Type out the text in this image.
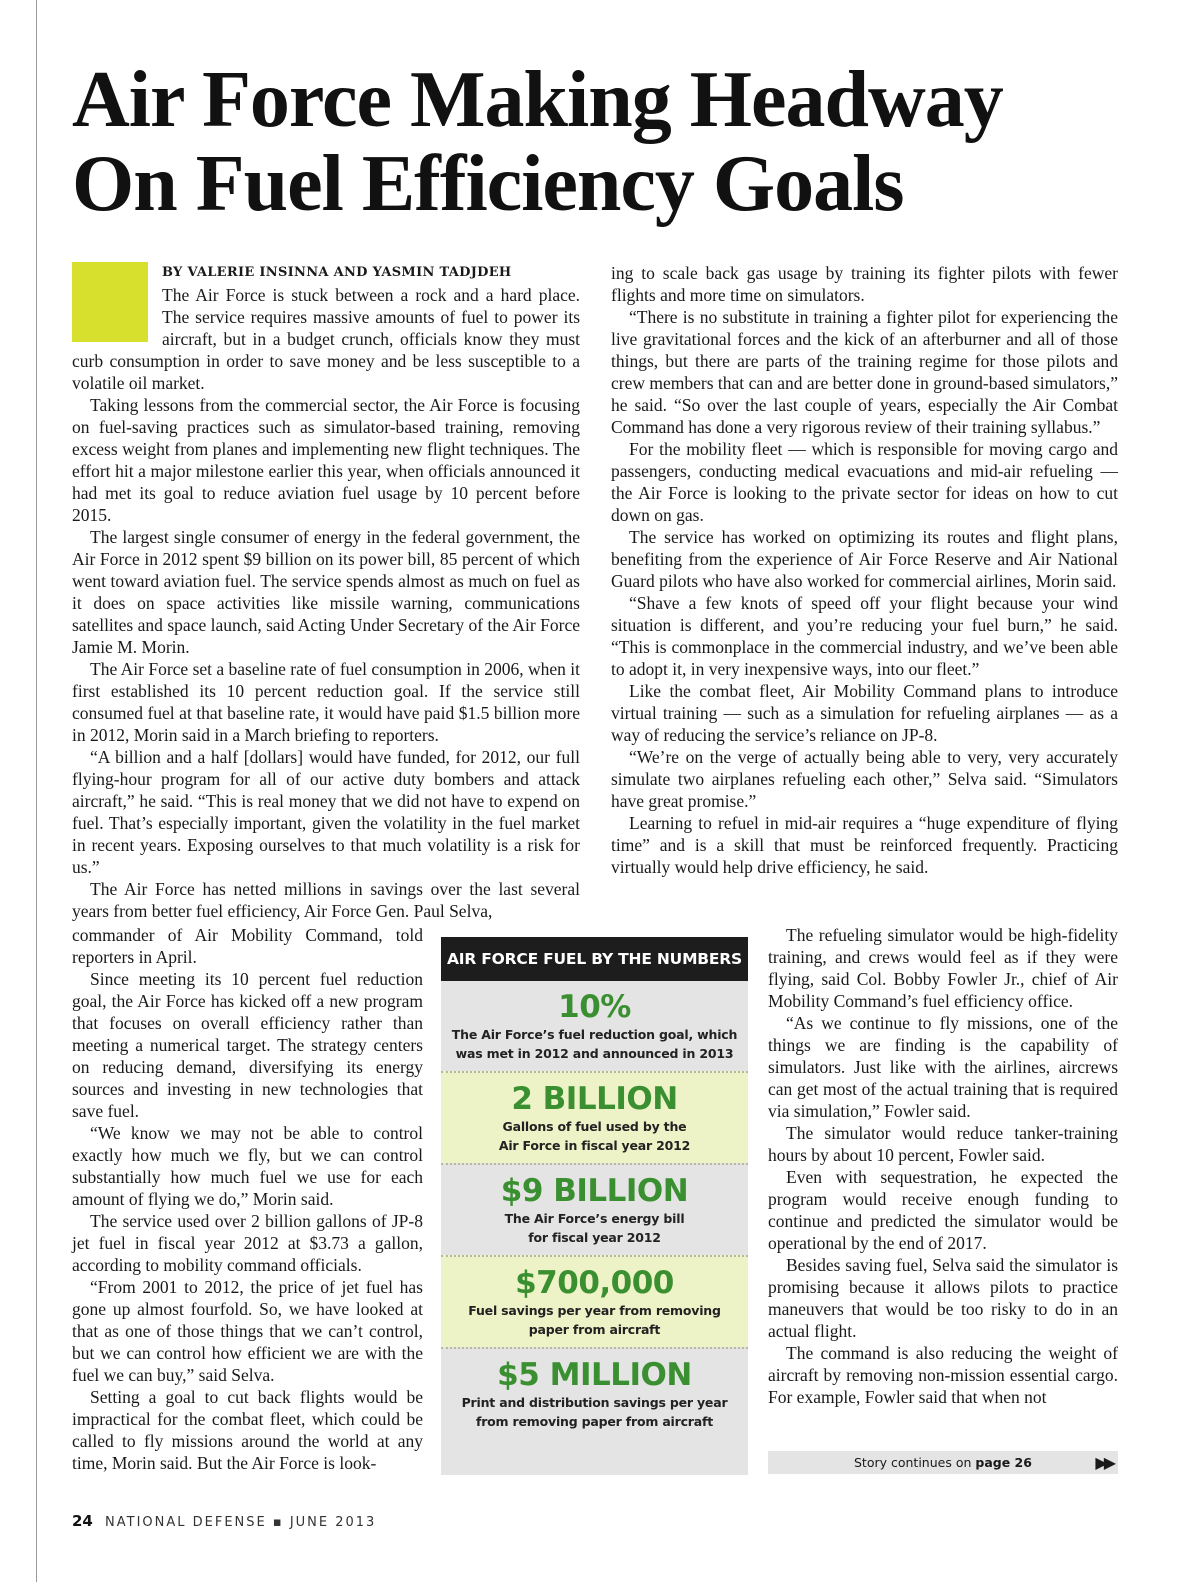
Air Force Making Headway
On Fuel Efficiency Goals
BY VALERIE INSINNA AND YASMIN TADJDEH

The Air Force is stuck between a rock and a hard place. The service requires massive amounts of fuel to power its aircraft, but in a budget crunch, officials know they must curb consumption in order to save money and be less susceptible to a volatile oil market.

Taking lessons from the commercial sector, the Air Force is focusing on fuel-saving practices such as simulator-based training, removing excess weight from planes and implementing new flight techniques. The effort hit a major milestone earlier this year, when officials announced it had met its goal to reduce aviation fuel usage by 10 percent before 2015.

The largest single consumer of energy in the federal government, the Air Force in 2012 spent $9 billion on its power bill, 85 percent of which went toward aviation fuel. The service spends almost as much on fuel as it does on space activities like missile warning, communications satellites and space launch, said Acting Under Secretary of the Air Force Jamie M. Morin.

The Air Force set a baseline rate of fuel consumption in 2006, when it first established its 10 percent reduction goal. If the service still consumed fuel at that baseline rate, it would have paid $1.5 billion more in 2012, Morin said in a March briefing to reporters.

“A billion and a half [dollars] would have funded, for 2012, our full flying-hour program for all of our active duty bombers and attack aircraft,” he said. “This is real money that we did not have to expend on fuel. That’s especially important, given the volatility in the fuel market in recent years. Exposing ourselves to that much volatility is a risk for us.”

The Air Force has netted millions in savings over the last several years from better fuel efficiency, Air Force Gen. Paul Selva,

commander of Air Mobility Command, told reporters in April.

Since meeting its 10 percent fuel reduction goal, the Air Force has kicked off a new program that focuses on overall efficiency rather than meeting a numerical target. The strategy centers on reducing demand, diversifying its energy sources and investing in new technologies that save fuel.

“We know we may not be able to control exactly how much we fly, but we can control substantially how much fuel we use for each amount of flying we do,” Morin said.

The service used over 2 billion gallons of JP-8 jet fuel in fiscal year 2012 at $3.73 a gallon, according to mobility command officials.

“From 2001 to 2012, the price of jet fuel has gone up almost fourfold. So, we have looked at that as one of those things that we can’t control, but we can control how efficient we are with the fuel we can buy,” said Selva.

Setting a goal to cut back flights would be impractical for the combat fleet, which could be called to fly missions around the world at any time, Morin said. But the Air Force is look-

ing to scale back gas usage by training its fighter pilots with fewer flights and more time on simulators.

“There is no substitute in training a fighter pilot for experiencing the live gravitational forces and the kick of an afterburner and all of those things, but there are parts of the training regime for those pilots and crew members that can and are better done in ground-based simulators,” he said. “So over the last couple of years, especially the Air Combat Command has done a very rigorous review of their training syllabus.”

For the mobility fleet — which is responsible for moving cargo and passengers, conducting medical evacuations and mid-air refueling — the Air Force is looking to the private sector for ideas on how to cut down on gas.

The service has worked on optimizing its routes and flight plans, benefiting from the experience of Air Force Reserve and Air National Guard pilots who have also worked for commercial airlines, Morin said.

“Shave a few knots of speed off your flight because your wind situation is different, and you’re reducing your fuel burn,” he said. “This is commonplace in the commercial industry, and we’ve been able to adopt it, in very inexpensive ways, into our fleet.”

Like the combat fleet, Air Mobility Command plans to introduce virtual training — such as a simulation for refueling airplanes — as a way of reducing the service’s reliance on JP-8.

“We’re on the verge of actually being able to very, very accurately simulate two airplanes refueling each other,” Selva said. “Simulators have great promise.”

Learning to refuel in mid-air requires a “huge expenditure of flying time” and is a skill that must be reinforced frequently. Practicing virtually would help drive efficiency, he said.

The refueling simulator would be high-fidelity training, and crews would feel as if they were flying, said Col. Bobby Fowler Jr., chief of Air Mobility Command’s fuel efficiency office.

“As we continue to fly missions, one of the things we are finding is the capability of simulators. Just like with the airlines, aircrews can get most of the actual training that is required via simulation,” Fowler said.

The simulator would reduce tanker-training hours by about 10 percent, Fowler said.

Even with sequestration, he expected the program would receive enough funding to continue and predicted the simulator would be operational by the end of 2017.

Besides saving fuel, Selva said the simulator is promising because it allows pilots to practice maneuvers that would be too risky to do in an actual flight.

The command is also reducing the weight of aircraft by removing non-mission essential cargo. For example, Fowler said that when not

AIR FORCE FUEL BY THE NUMBERS
10%
The Air Force’s fuel reduction goal, which
was met in 2012 and announced in 2013
2 BILLION
Gallons of fuel used by the
Air Force in fiscal year 2012
$9 BILLION
The Air Force’s energy bill
for fiscal year 2012
$700,000
Fuel savings per year from removing
paper from aircraft
$5 MILLION
Print and distribution savings per year
from removing paper from aircraft
Story continues on page 26	▶▶
24 NATIONAL DEFENSE ▪ JUNE 2013
